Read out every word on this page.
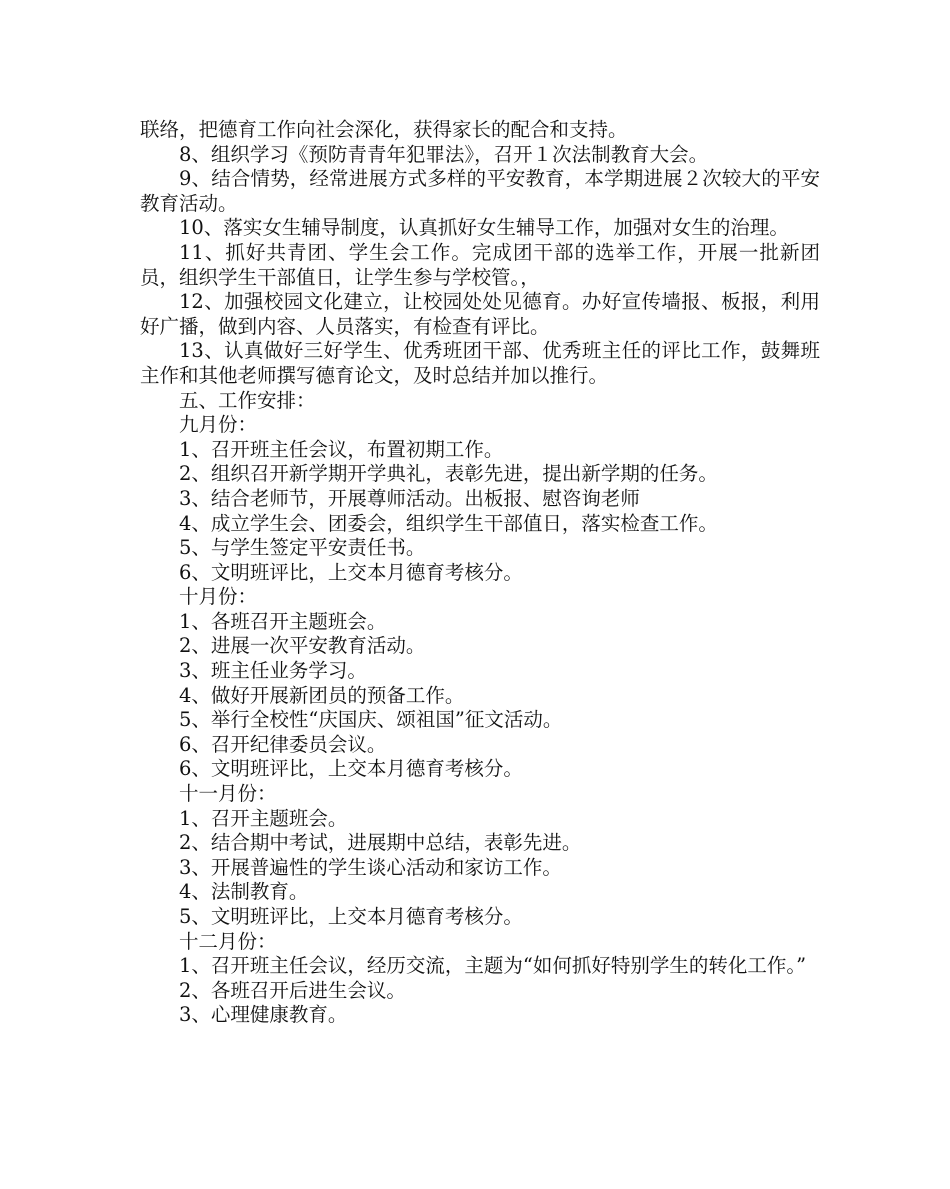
联络，把德育工作向社会深化，获得家长的配合和支持。

8、组织学习《预防青青年犯罪法》，召开１次法制教育大会。

9、结合情势，经常进展方式多样的平安教育，本学期进展２次较大的平安教育活动。

10、落实女生辅导制度，认真抓好女生辅导工作，加强对女生的治理。

11、抓好共青团、学生会工作。完成团干部的选举工作，开展一批新团员，组织学生干部值日，让学生参与学校管。，

12、加强校园文化建立，让校园处处见德育。办好宣传墙报、板报，利用好广播，做到内容、人员落实，有检查有评比。

13、认真做好三好学生、优秀班团干部、优秀班主任的评比工作，鼓舞班主作和其他老师撰写德育论文，及时总结并加以推行。

五、工作安排：

九月份：

1、召开班主任会议，布置初期工作。

2、组织召开新学期开学典礼，表彰先进，提出新学期的任务。

3、结合老师节，开展尊师活动。出板报、慰咨询老师

4、成立学生会、团委会，组织学生干部值日，落实检查工作。

5、与学生签定平安责任书。

6、文明班评比，上交本月德育考核分。

十月份：

1、各班召开主题班会。

2、进展一次平安教育活动。

3、班主任业务学习。

4、做好开展新团员的预备工作。

5、举行全校性“庆国庆、颂祖国”征文活动。

6、召开纪律委员会议。

6、文明班评比，上交本月德育考核分。

十一月份：

1、召开主题班会。

2、结合期中考试，进展期中总结，表彰先进。

3、开展普遍性的学生谈心活动和家访工作。

4、法制教育。

5、文明班评比，上交本月德育考核分。

十二月份：

1、召开班主任会议，经历交流，主题为“如何抓好特别学生的转化工作。”

2、各班召开后进生会议。

3、心理健康教育。
